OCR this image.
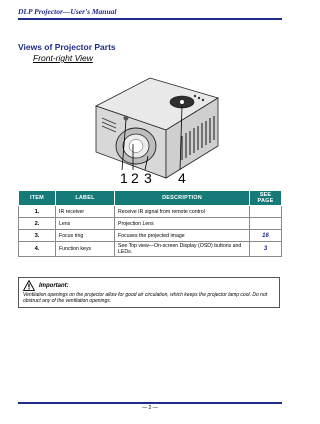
DLP Projector—User's Manual
Views of Projector Parts
Front-right View
1 2 3 4
ITEM	LABEL	DESCRIPTION	SEE PAGE
1.	IR receiver	Receive IR signal from remote control	
2.	Lens	Projection Lens	
3.	Focus ring	Focuses the projected image	16
4.	Function keys	See Top view—On-screen Display (OSD) buttons and LEDs.	3
Important:
Ventilation openings on the projector allow for good air circulation, which keeps the projector lamp cool. Do not obstruct any of the ventilation openings.
— 2 —
